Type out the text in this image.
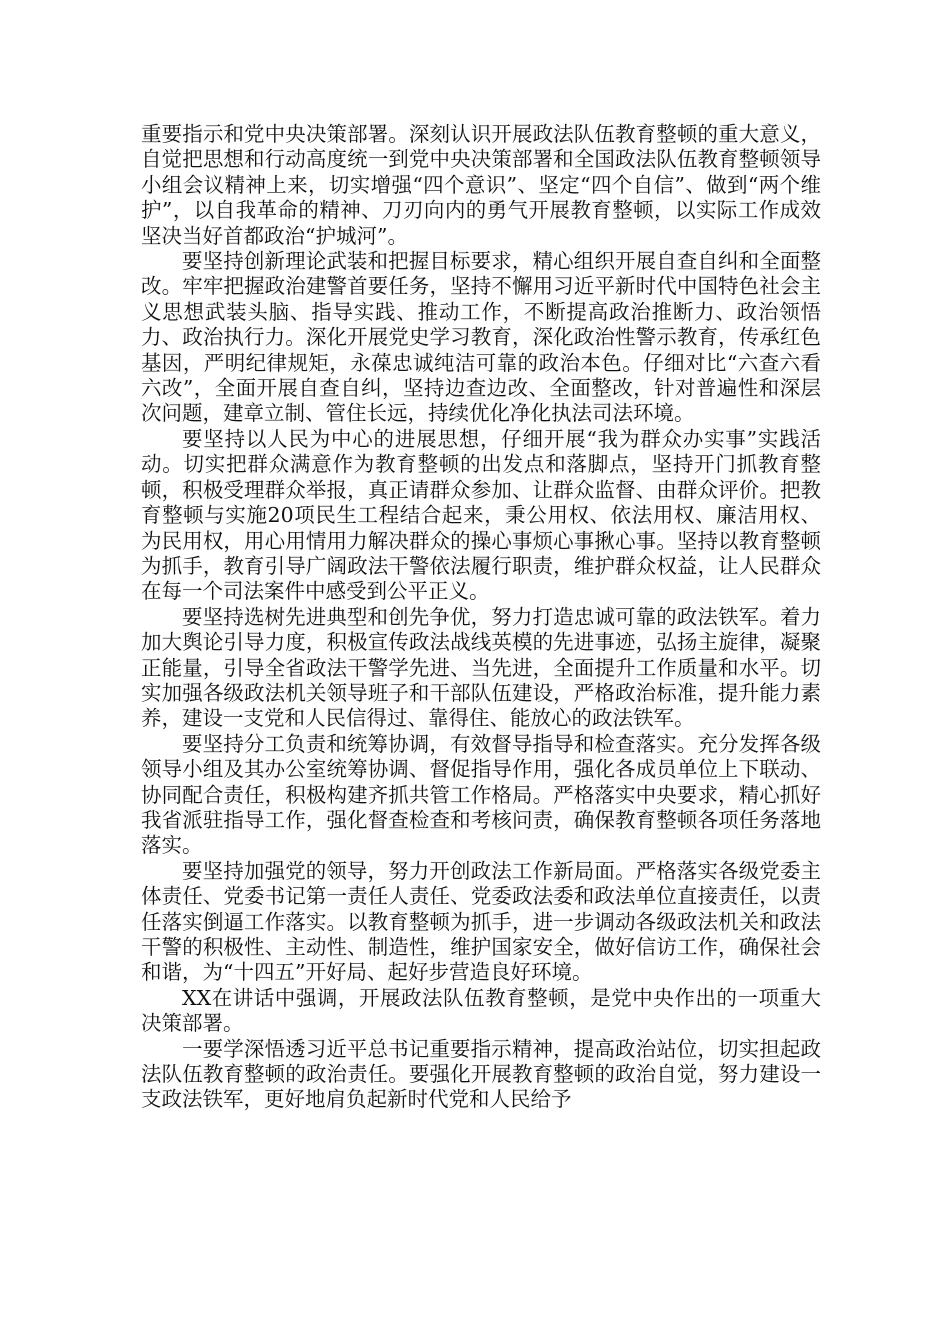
重要指示和党中央决策部署。深刻认识开展政法队伍教育整顿的重大意义，自觉把思想和行动高度统一到党中央决策部署和全国政法队伍教育整顿领导小组会议精神上来，切实增强“四个意识”、坚定“四个自信”、做到“两个维护”，以自我革命的精神、刀刃向内的勇气开展教育整顿，以实际工作成效坚决当好首都政治“护城河”。

要坚持创新理论武装和把握目标要求，精心组织开展自查自纠和全面整改。牢牢把握政治建警首要任务，坚持不懈用习近平新时代中国特色社会主义思想武装头脑、指导实践、推动工作，不断提高政治推断力、政治领悟力、政治执行力。深化开展党史学习教育，深化政治性警示教育，传承红色基因，严明纪律规矩，永葆忠诚纯洁可靠的政治本色。仔细对比“六查六看六改”，全面开展自查自纠，坚持边查边改、全面整改，针对普遍性和深层次问题，建章立制、管住长远，持续优化净化执法司法环境。

要坚持以人民为中心的进展思想，仔细开展“我为群众办实事”实践活动。切实把群众满意作为教育整顿的出发点和落脚点，坚持开门抓教育整顿，积极受理群众举报，真正请群众参加、让群众监督、由群众评价。把教育整顿与实施20项民生工程结合起来，秉公用权、依法用权、廉洁用权、为民用权，用心用情用力解决群众的操心事烦心事揪心事。坚持以教育整顿为抓手，教育引导广阔政法干警依法履行职责，维护群众权益，让人民群众在每一个司法案件中感受到公平正义。

要坚持选树先进典型和创先争优，努力打造忠诚可靠的政法铁军。着力加大舆论引导力度，积极宣传政法战线英模的先进事迹，弘扬主旋律，凝聚正能量，引导全省政法干警学先进、当先进，全面提升工作质量和水平。切实加强各级政法机关领导班子和干部队伍建设，严格政治标准，提升能力素养，建设一支党和人民信得过、靠得住、能放心的政法铁军。

要坚持分工负责和统筹协调，有效督导指导和检查落实。充分发挥各级领导小组及其办公室统筹协调、督促指导作用，强化各成员单位上下联动、协同配合责任，积极构建齐抓共管工作格局。严格落实中央要求，精心抓好我省派驻指导工作，强化督查检查和考核问责，确保教育整顿各项任务落地落实。

要坚持加强党的领导，努力开创政法工作新局面。严格落实各级党委主体责任、党委书记第一责任人责任、党委政法委和政法单位直接责任，以责任落实倒逼工作落实。以教育整顿为抓手，进一步调动各级政法机关和政法干警的积极性、主动性、制造性，维护国家安全，做好信访工作，确保社会和谐，为“十四五”开好局、起好步营造良好环境。

XX在讲话中强调，开展政法队伍教育整顿，是党中央作出的一项重大决策部署。

一要学深悟透习近平总书记重要指示精神，提高政治站位，切实担起政法队伍教育整顿的政治责任。要强化开展教育整顿的政治自觉，努力建设一支政法铁军，更好地肩负起新时代党和人民给予
